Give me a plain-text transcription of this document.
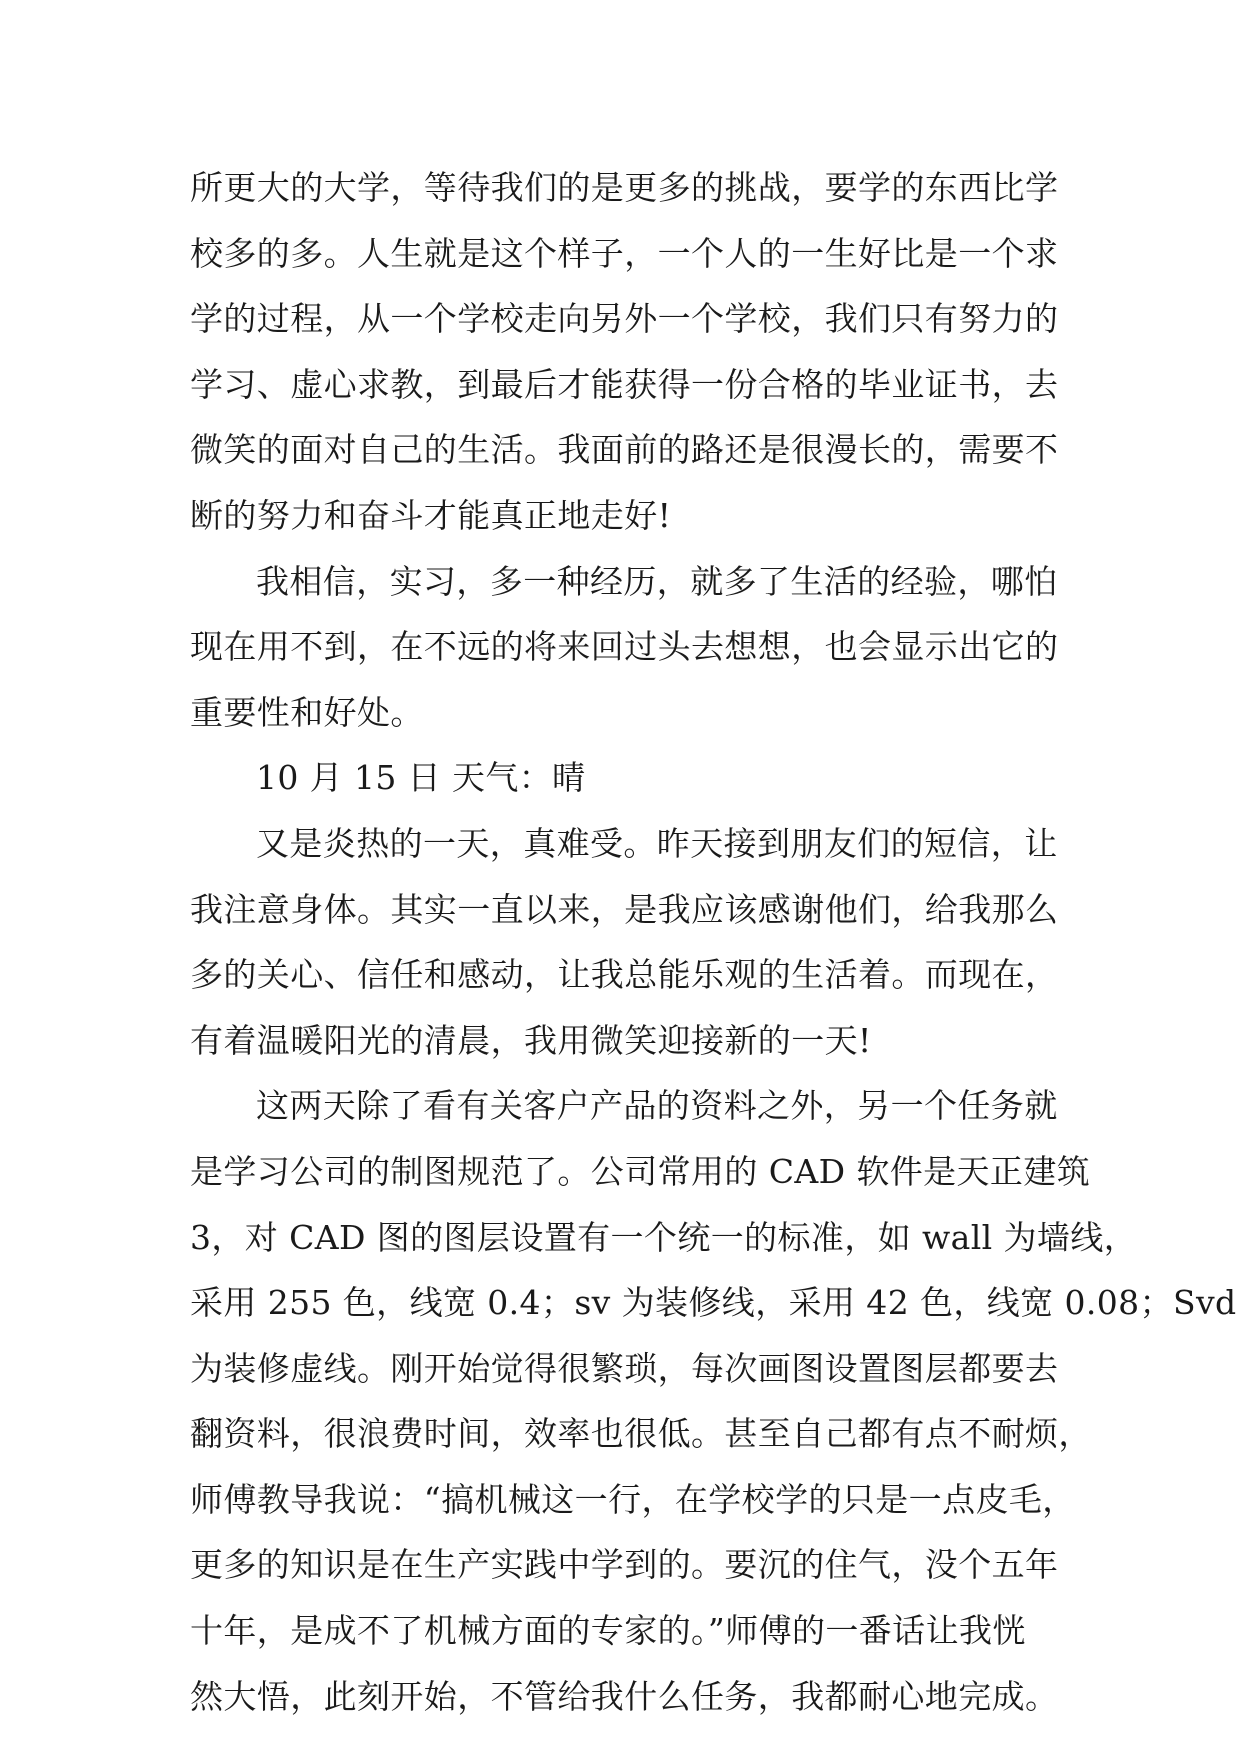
所更大的大学，等待我们的是更多的挑战，要学的东西比学
校多的多。人生就是这个样子，一个人的一生好比是一个求
学的过程，从一个学校走向另外一个学校，我们只有努力的
学习、虚心求教，到最后才能获得一份合格的毕业证书，去
微笑的面对自己的生活。我面前的路还是很漫长的，需要不
断的努力和奋斗才能真正地走好!
我相信，实习，多一种经历，就多了生活的经验，哪怕
现在用不到，在不远的将来回过头去想想，也会显示出它的
重要性和好处。
10 月 15 日 天气：晴
又是炎热的一天，真难受。昨天接到朋友们的短信，让
我注意身体。其实一直以来，是我应该感谢他们，给我那么
多的关心、信任和感动，让我总能乐观的生活着。而现在，
有着温暖阳光的清晨，我用微笑迎接新的一天!
这两天除了看有关客户产品的资料之外，另一个任务就
是学习公司的制图规范了。公司常用的 CAD 软件是天正建筑
3，对 CAD 图的图层设置有一个统一的标准，如 wall 为墙线，
采用 255 色，线宽 0.4；sv 为装修线，采用 42 色，线宽 0.08；Svd
为装修虚线。刚开始觉得很繁琐，每次画图设置图层都要去
翻资料，很浪费时间，效率也很低。甚至自己都有点不耐烦，
师傅教导我说：“搞机械这一行，在学校学的只是一点皮毛，
更多的知识是在生产实践中学到的。要沉的住气，没个五年
十年，是成不了机械方面的专家的。”师傅的一番话让我恍
然大悟，此刻开始，不管给我什么任务，我都耐心地完成。
